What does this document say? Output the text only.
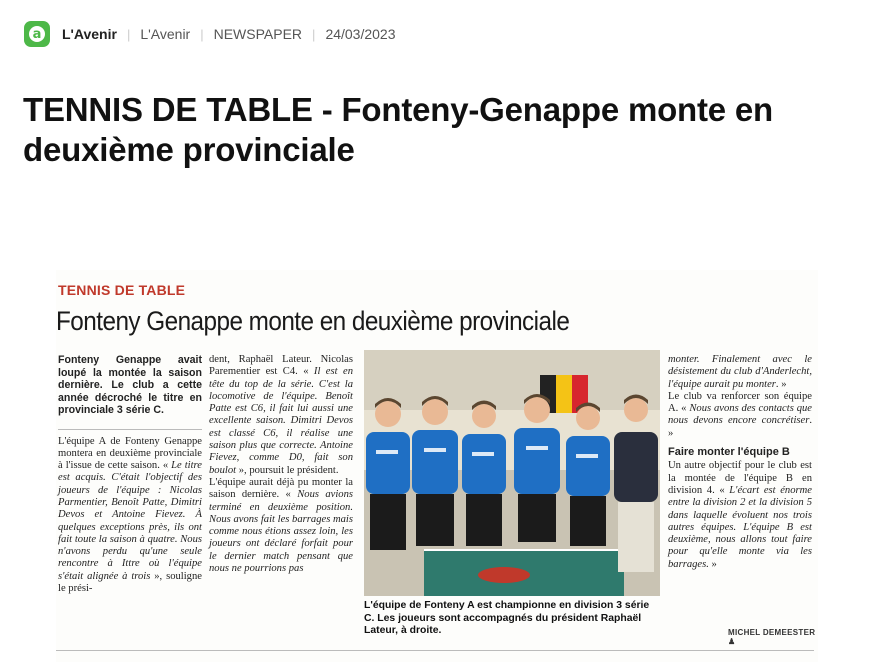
a L'Avenir | L'Avenir | NEWSPAPER | 24/03/2023
TENNIS DE TABLE - Fonteny-Genappe monte en deuxième provinciale
TENNIS DE TABLE
Fonteny Genappe monte en deuxième provinciale
Fonteny Genappe avait loupé la montée la saison dernière. Le club a cette année décroché le titre en provinciale 3 série C.

L'équipe A de Fonteny Genappe montera en deuxième provinciale à l'issue de cette saison. « Le titre est acquis. C'était l'objectif des joueurs de l'équipe : Nicolas Parmentier, Benoît Patte, Dimitri Devos et Antoine Fievez. À quelques exceptions près, ils ont fait toute la saison à quatre. Nous n'avons perdu qu'une seule rencontre à Ittre où l'équipe s'était alignée à trois », souligne le prési-

dent, Raphaël Lateur. Nicolas Parementier est C4. « Il est en tête du top de la série. C'est la locomotive de l'équipe. Benoît Patte est C6, il fait lui aussi une excellente saison. Dimitri Devos est classé C6, il réalise une saison plus que correcte. Antoine Fievez, comme D0, fait son boulot », poursuit le président.

L'équipe aurait déjà pu monter la saison dernière. « Nous avions terminé en deuxième position. Nous avons fait les barrages mais comme nous étions assez loin, les joueurs ont déclaré forfait pour le dernier match pensant que nous ne pourrions pas

L'équipe de Fonteny A est championne en division 3 série C. Les joueurs sont accompagnés du président Raphaël Lateur, à droite.

monter. Finalement avec le désistement du club d'Anderlecht, l'équipe aurait pu monter. »

Le club va renforcer son équipe A. « Nous avons des contacts que nous devons encore concrétiser. »

Faire monter l'équipe B

Un autre objectif pour le club est la montée de l'équipe B en division 4. « L'écart est énorme entre la division 2 et la division 5 dans laquelle évoluent nos trois autres équipes. L'équipe B est deuxième, nous allons tout faire pour qu'elle monte via les barrages. »

MICHEL DEMEESTER ♟
